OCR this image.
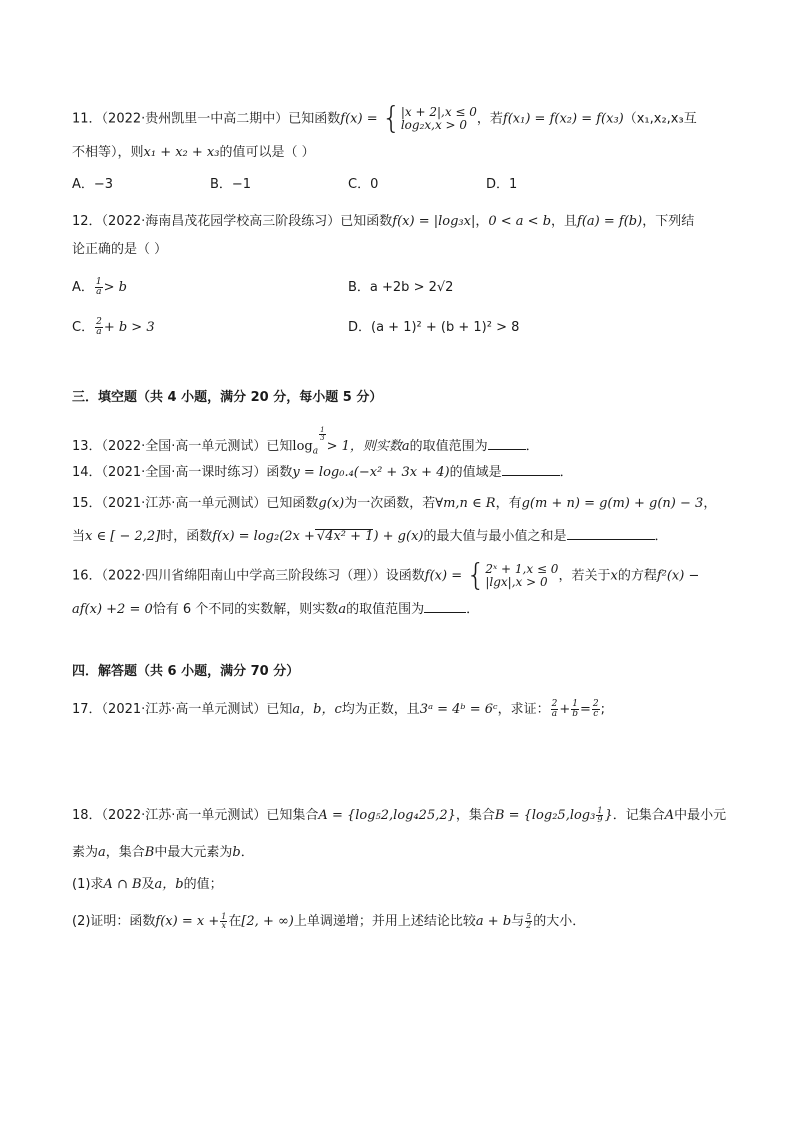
11．（2022·贵州凯里一中高二期中）已知函数f(x) = { |x + 2|,x ≤ 0
log₂x,x > 0 ，若f(x₁) = f(x₂) = f(x₃)（x₁,x₂,x₃互
不相等），则x₁ + x₂ + x₃的值可以是（ ）
A．−3	B．−1	C．0	D．1
12．（2022·海南昌茂花园学校高三阶段练习）已知函数f(x) = |log₃x|，0 < a < b，且f(a) = f(b)，下列结
论正确的是（ ）
A． $\frac{1}{a} > b$	B．a +2b > 2√2
C． $\frac{2}{a} + b > 3$	D．(a + 1)² + (b + 1)² > 8
三．填空题（共 4 小题，满分 20 分，每小题 5 分）
13．（2022·全国·高一单元测试）已知$\log_a$
$^{\frac{1}{3}}$
> 1，则实数a的取值范围为	．
14．（2021·全国·高一课时练习）函数y = log₀.₄(−x² + 3x + 4)的值域是	．
15．（2021·江苏·高一单元测试）已知函数g(x)为一次函数，若∀m,n ∈ R，有g(m + n) = g(m) + g(n) − 3，
当x ∈ [ − 2,2]时，函数f(x) = log₂(2x + √4x² + 1) + g(x)的最大值与最小值之和是	．
16．（2022·四川省绵阳南山中学高三阶段练习（理））设函数f(x) = { 2ˣ + 1,x ≤ 0
|lgx|,x > 0 ，若关于x的方程f²(x) −
af(x) +2 = 0恰有 6 个不同的实数解，则实数a的取值范围为	．
四．解答题（共 6 小题，满分 70 分）
17．（2021·江苏·高一单元测试）已知a，b，c均为正数，且3ᵃ = 4ᵇ = 6ᶜ，求证： $\frac{2}{a} + \frac{1}{b} = \frac{2}{c}$ ;
18．（2022·江苏·高一单元测试）已知集合A = {log₅2,log₄25,2}，集合$B = \{\log_25,\log_3 \frac{1}{9}$ }．记集合A中最小元
素为a，集合B中最大元素为b．
(1)求A ∩ B及a，b的值；
(2)证明：函数$f(x) = x + \frac{1}{x}$ 在[2, + ∞)上单调递增；并用上述结论比较a + b与 $\frac{5}{2}$ 的大小．
